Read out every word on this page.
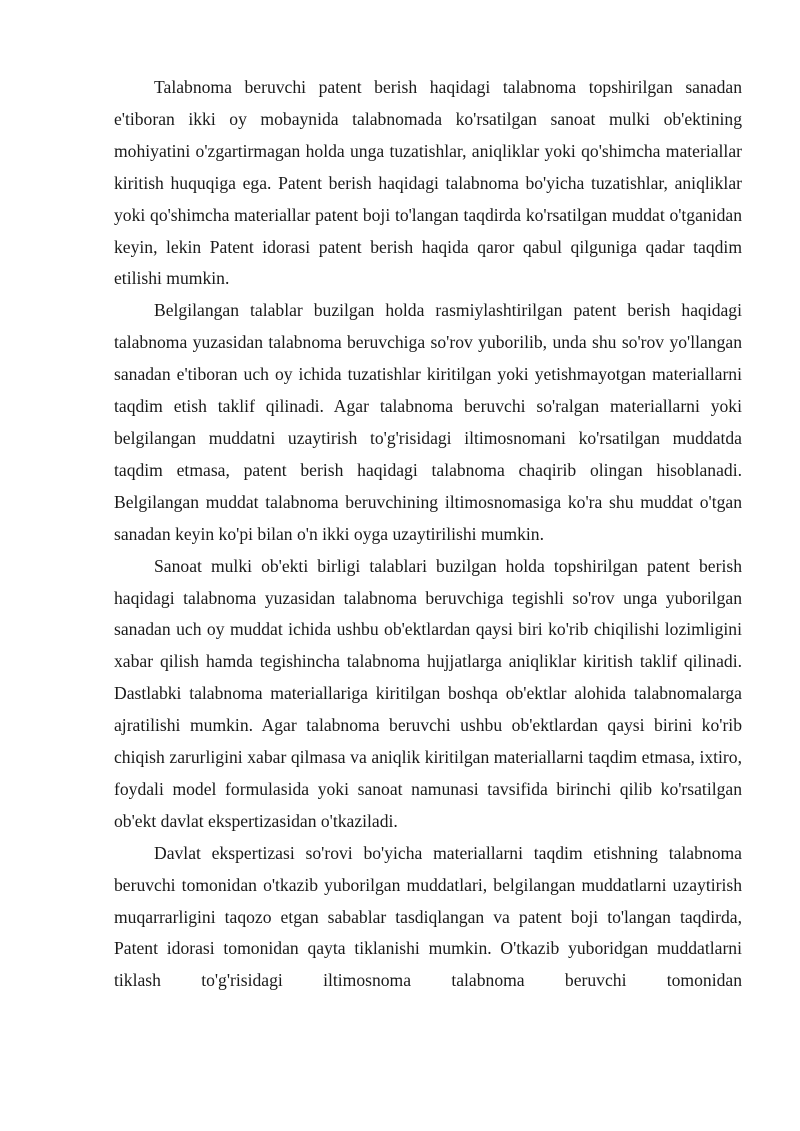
Talabnoma beruvchi patent berish haqidagi talabnoma topshirilgan sanadan e'tiboran ikki oy mobaynida talabnomada ko'rsatilgan sanoat mulki ob'ektining mohiyatini o'zgartirmagan holda unga tuzatishlar, aniqliklar yoki qo'shimcha materiallar kiritish huquqiga ega. Patent berish haqidagi talabnoma bo'yicha tuzatishlar, aniqliklar yoki qo'shimcha materiallar patent boji to'langan taqdirda ko'rsatilgan muddat o'tganidan keyin, lekin Patent idorasi patent berish haqida qaror qabul qilguniga qadar taqdim etilishi mumkin.

Belgilangan talablar buzilgan holda rasmiylashtirilgan patent berish haqidagi talabnoma yuzasidan talabnoma beruvchiga so'rov yuborilib, unda shu so'rov yo'llangan sanadan e'tiboran uch oy ichida tuzatishlar kiritilgan yoki yetishmayotgan materiallarni taqdim etish taklif qilinadi. Agar talabnoma beruvchi so'ralgan materiallarni yoki belgilangan muddatni uzaytirish to'g'risidagi iltimosnomani ko'rsatilgan muddatda taqdim etmasa, patent berish haqidagi talabnoma chaqirib olingan hisoblanadi. Belgilangan muddat talabnoma beruvchining iltimosnomasiga ko'ra shu muddat o'tgan sanadan keyin ko'pi bilan o'n ikki oyga uzaytirilishi mumkin.

Sanoat mulki ob'ekti birligi talablari buzilgan holda topshirilgan patent berish haqidagi talabnoma yuzasidan talabnoma beruvchiga tegishli so'rov unga yuborilgan sanadan uch oy muddat ichida ushbu ob'ektlardan qaysi biri ko'rib chiqilishi lozimligini xabar qilish hamda tegishincha talabnoma hujjatlarga aniqliklar kiritish taklif qilinadi. Dastlabki talabnoma materiallariga kiritilgan boshqa ob'ektlar alohida talabnomalarga ajratilishi mumkin. Agar talabnoma beruvchi ushbu ob'ektlardan qaysi birini ko'rib chiqish zarurligini xabar qilmasa va aniqlik kiritilgan materiallarni taqdim etmasa, ixtiro, foydali model formulasida yoki sanoat namunasi tavsifida birinchi qilib ko'rsatilgan ob'ekt davlat ekspertizasidan o'tkaziladi.

Davlat ekspertizasi so'rovi bo'yicha materiallarni taqdim etishning talabnoma beruvchi tomonidan o'tkazib yuborilgan muddatlari, belgilangan muddatlarni uzaytirish muqarrarligini taqozo etgan sabablar tasdiqlangan va patent boji to'langan taqdirda, Patent idorasi tomonidan qayta tiklanishi mumkin. O'tkazib yuboridgan muddatlarni tiklash to'g'risidagi iltimosnoma talabnoma beruvchi tomonidan
